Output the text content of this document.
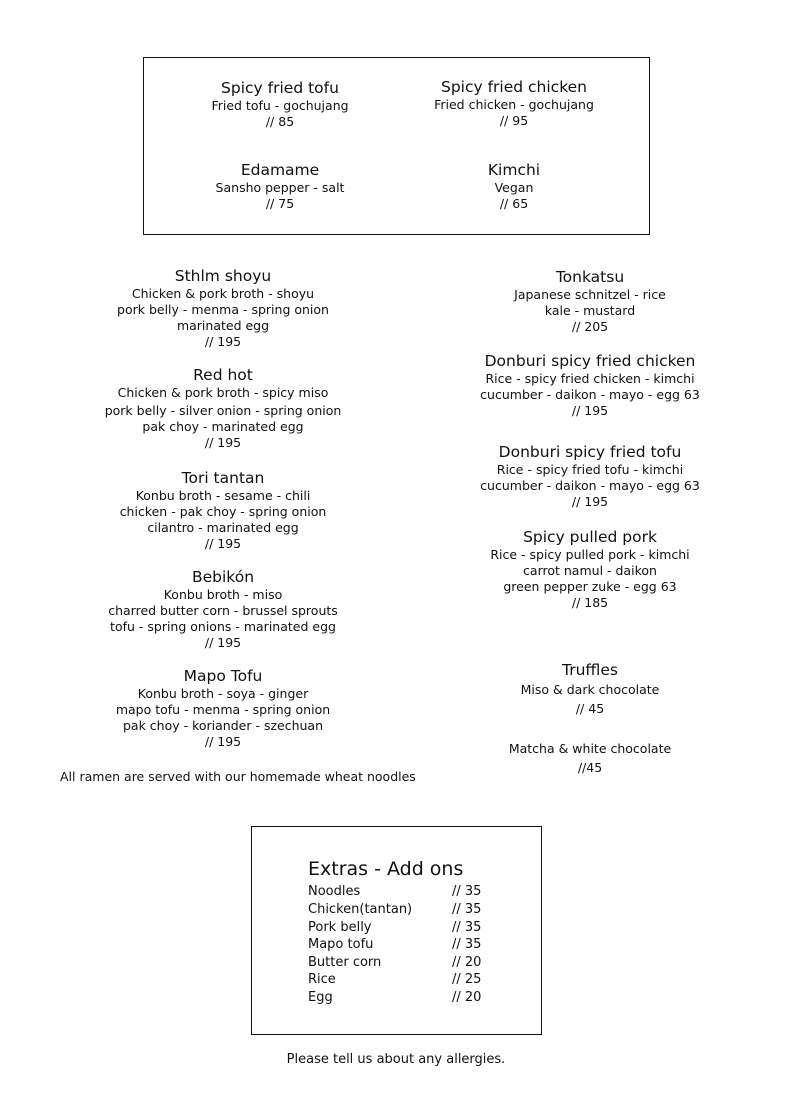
Spicy fried tofu
Fried tofu - gochujang
// 85
Spicy fried chicken
Fried chicken - gochujang
// 95
Edamame
Sansho pepper - salt
// 75
Kimchi
Vegan
// 65
Sthlm shoyu
Chicken & pork broth - shoyu
pork belly - menma - spring onion
marinated egg
// 195
Red hot
Chicken & pork broth - spicy miso
pork belly - silver onion - spring onion
pak choy - marinated egg
// 195
Tori tantan
Konbu broth - sesame - chili
chicken - pak choy - spring onion
cilantro - marinated egg
// 195
Bebikón
Konbu broth - miso
charred butter corn - brussel sprouts
tofu - spring onions - marinated egg
// 195
Mapo Tofu
Konbu broth - soya - ginger
mapo tofu - menma - spring onion
pak choy - koriander - szechuan
// 195
All ramen are served with our homemade wheat noodles
Tonkatsu
Japanese schnitzel - rice
kale - mustard
// 205
Donburi spicy fried chicken
Rice - spicy fried chicken - kimchi
cucumber - daikon - mayo - egg 63
// 195
Donburi spicy fried tofu
Rice - spicy fried tofu - kimchi
cucumber - daikon - mayo - egg 63
// 195
Spicy pulled pork
Rice - spicy pulled pork - kimchi
carrot namul - daikon
green pepper zuke - egg 63
// 185
Truffles
Miso & dark chocolate
// 45
Matcha & white chocolate
//45
Extras - Add ons
Noodles	// 35
Chicken(tantan)	// 35
Pork belly	// 35
Mapo tofu	// 35
Butter corn	// 20
Rice	// 25
Egg	// 20
Please tell us about any allergies.
